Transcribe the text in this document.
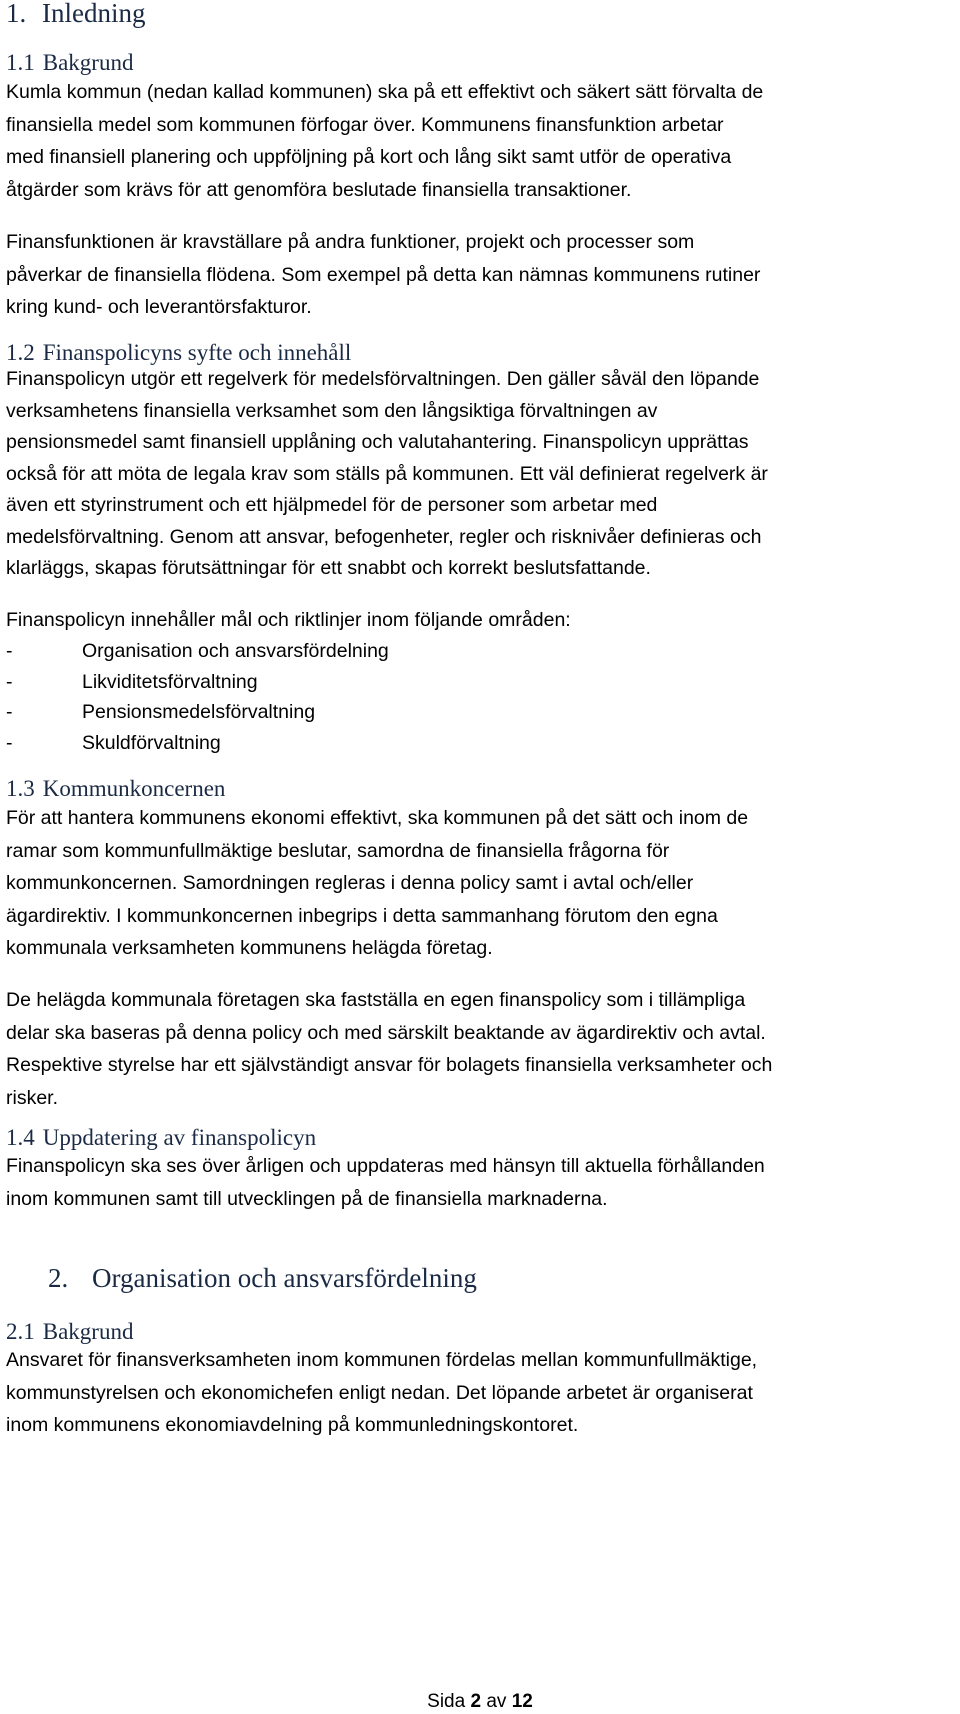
1. Inledning
1.1 Bakgrund

Kumla kommun (nedan kallad kommunen) ska på ett effektivt och säkert sätt förvalta de
finansiella medel som kommunen förfogar över. Kommunens finansfunktion arbetar
med finansiell planering och uppföljning på kort och lång sikt samt utför de operativa
åtgärder som krävs för att genomföra beslutade finansiella transaktioner.

Finansfunktionen är kravställare på andra funktioner, projekt och processer som
påverkar de finansiella flödena. Som exempel på detta kan nämnas kommunens rutiner
kring kund- och leverantörsfakturor.

1.2 Finanspolicyns syfte och innehåll

Finanspolicyn utgör ett regelverk för medelsförvaltningen. Den gäller såväl den löpande
verksamhetens finansiella verksamhet som den långsiktiga förvaltningen av
pensionsmedel samt finansiell upplåning och valutahantering. Finanspolicyn upprättas
också för att möta de legala krav som ställs på kommunen. Ett väl definierat regelverk är
även ett styrinstrument och ett hjälpmedel för de personer som arbetar med
medelsförvaltning. Genom att ansvar, befogenheter, regler och risknivåer definieras och
klarläggs, skapas förutsättningar för ett snabbt och korrekt beslutsfattande.

Finanspolicyn innehåller mål och riktlinjer inom följande områden:

-	Organisation och ansvarsfördelning
-	Likviditetsförvaltning
-	Pensionsmedelsförvaltning
-	Skuldförvaltning
1.3 Kommunkoncernen

För att hantera kommunens ekonomi effektivt, ska kommunen på det sätt och inom de
ramar som kommunfullmäktige beslutar, samordna de finansiella frågorna för
kommunkoncernen. Samordningen regleras i denna policy samt i avtal och/eller
ägardirektiv. I kommunkoncernen inbegrips i detta sammanhang förutom den egna
kommunala verksamheten kommunens helägda företag.

De helägda kommunala företagen ska fastställa en egen finanspolicy som i tillämpliga
delar ska baseras på denna policy och med särskilt beaktande av ägardirektiv och avtal.
Respektive styrelse har ett självständigt ansvar för bolagets finansiella verksamheter och
risker.

1.4 Uppdatering av finanspolicyn

Finanspolicyn ska ses över årligen och uppdateras med hänsyn till aktuella förhållanden
inom kommunen samt till utvecklingen på de finansiella marknaderna.

2. Organisation och ansvarsfördelning
2.1 Bakgrund

Ansvaret för finansverksamheten inom kommunen fördelas mellan kommunfullmäktige,
kommunstyrelsen och ekonomichefen enligt nedan. Det löpande arbetet är organiserat
inom kommunens ekonomiavdelning på kommunledningskontoret.

Sida 2 av 12
